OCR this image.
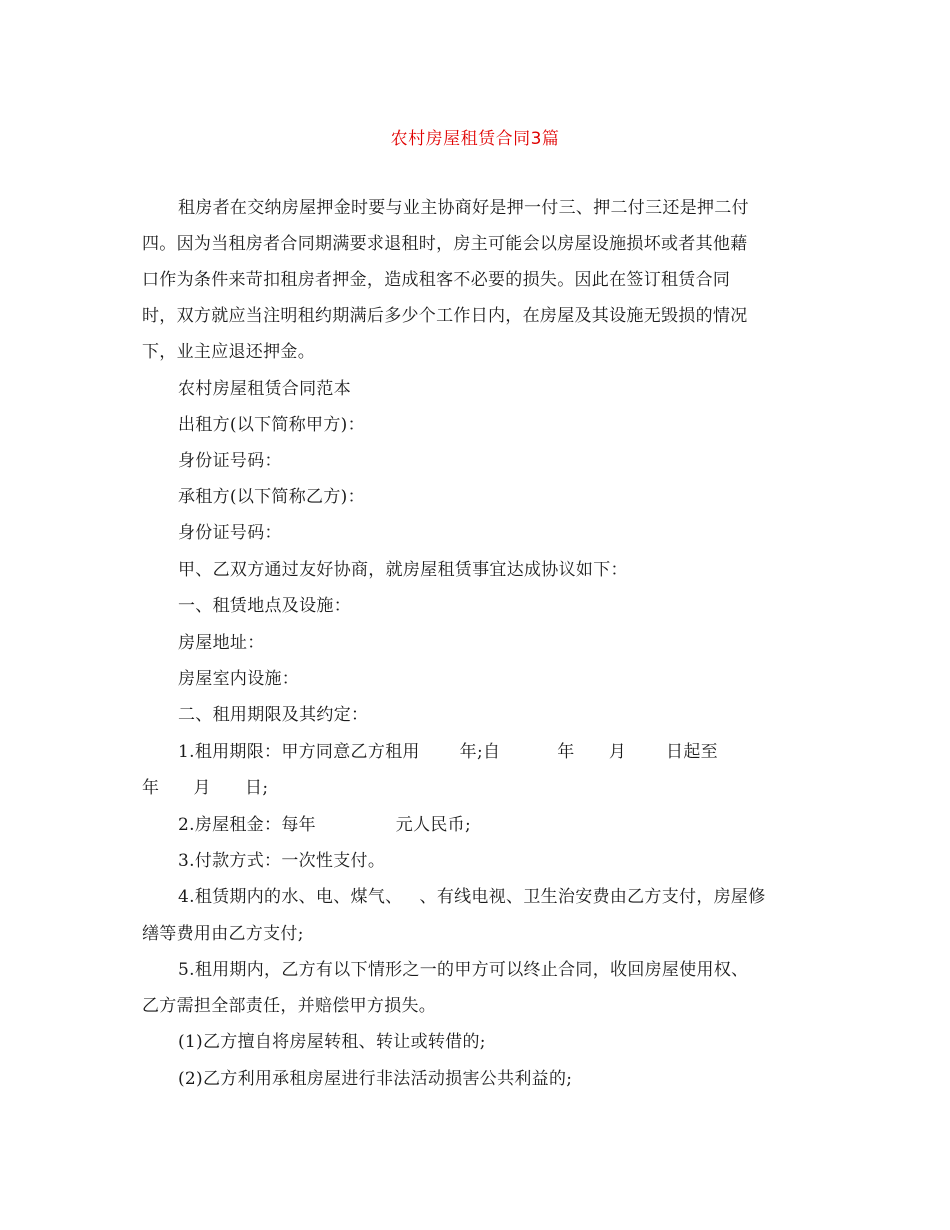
农村房屋租赁合同3篇
租房者在交纳房屋押金时要与业主协商好是押一付三、押二付三还是押二付
四。因为当租房者合同期满要求退租时，房主可能会以房屋设施损坏或者其他藉
口作为条件来苛扣租房者押金，造成租客不必要的损失。因此在签订租赁合同
时，双方就应当注明租约期满后多少个工作日内，在房屋及其设施无毁损的情况
下，业主应退还押金。
农村房屋租赁合同范本
出租方(以下简称甲方)：
身份证号码：
承租方(以下简称乙方)：
身份证号码：
甲、乙双方通过友好协商，就房屋租赁事宜达成协议如下：
一、租赁地点及设施：
房屋地址：
房屋室内设施：
二、租用期限及其约定：
1.租用期限：甲方同意乙方租用       年;自          年      月       日起至
年      月      日;
2.房屋租金：每年              元人民币;
3.付款方式：一次性支付。
4.租赁期内的水、电、煤气、   、有线电视、卫生治安费由乙方支付，房屋修
缮等费用由乙方支付;
5.租用期内，乙方有以下情形之一的甲方可以终止合同，收回房屋使用权、
乙方需担全部责任，并赔偿甲方损失。
(1)乙方擅自将房屋转租、转让或转借的;
(2)乙方利用承租房屋进行非法活动损害公共利益的;
